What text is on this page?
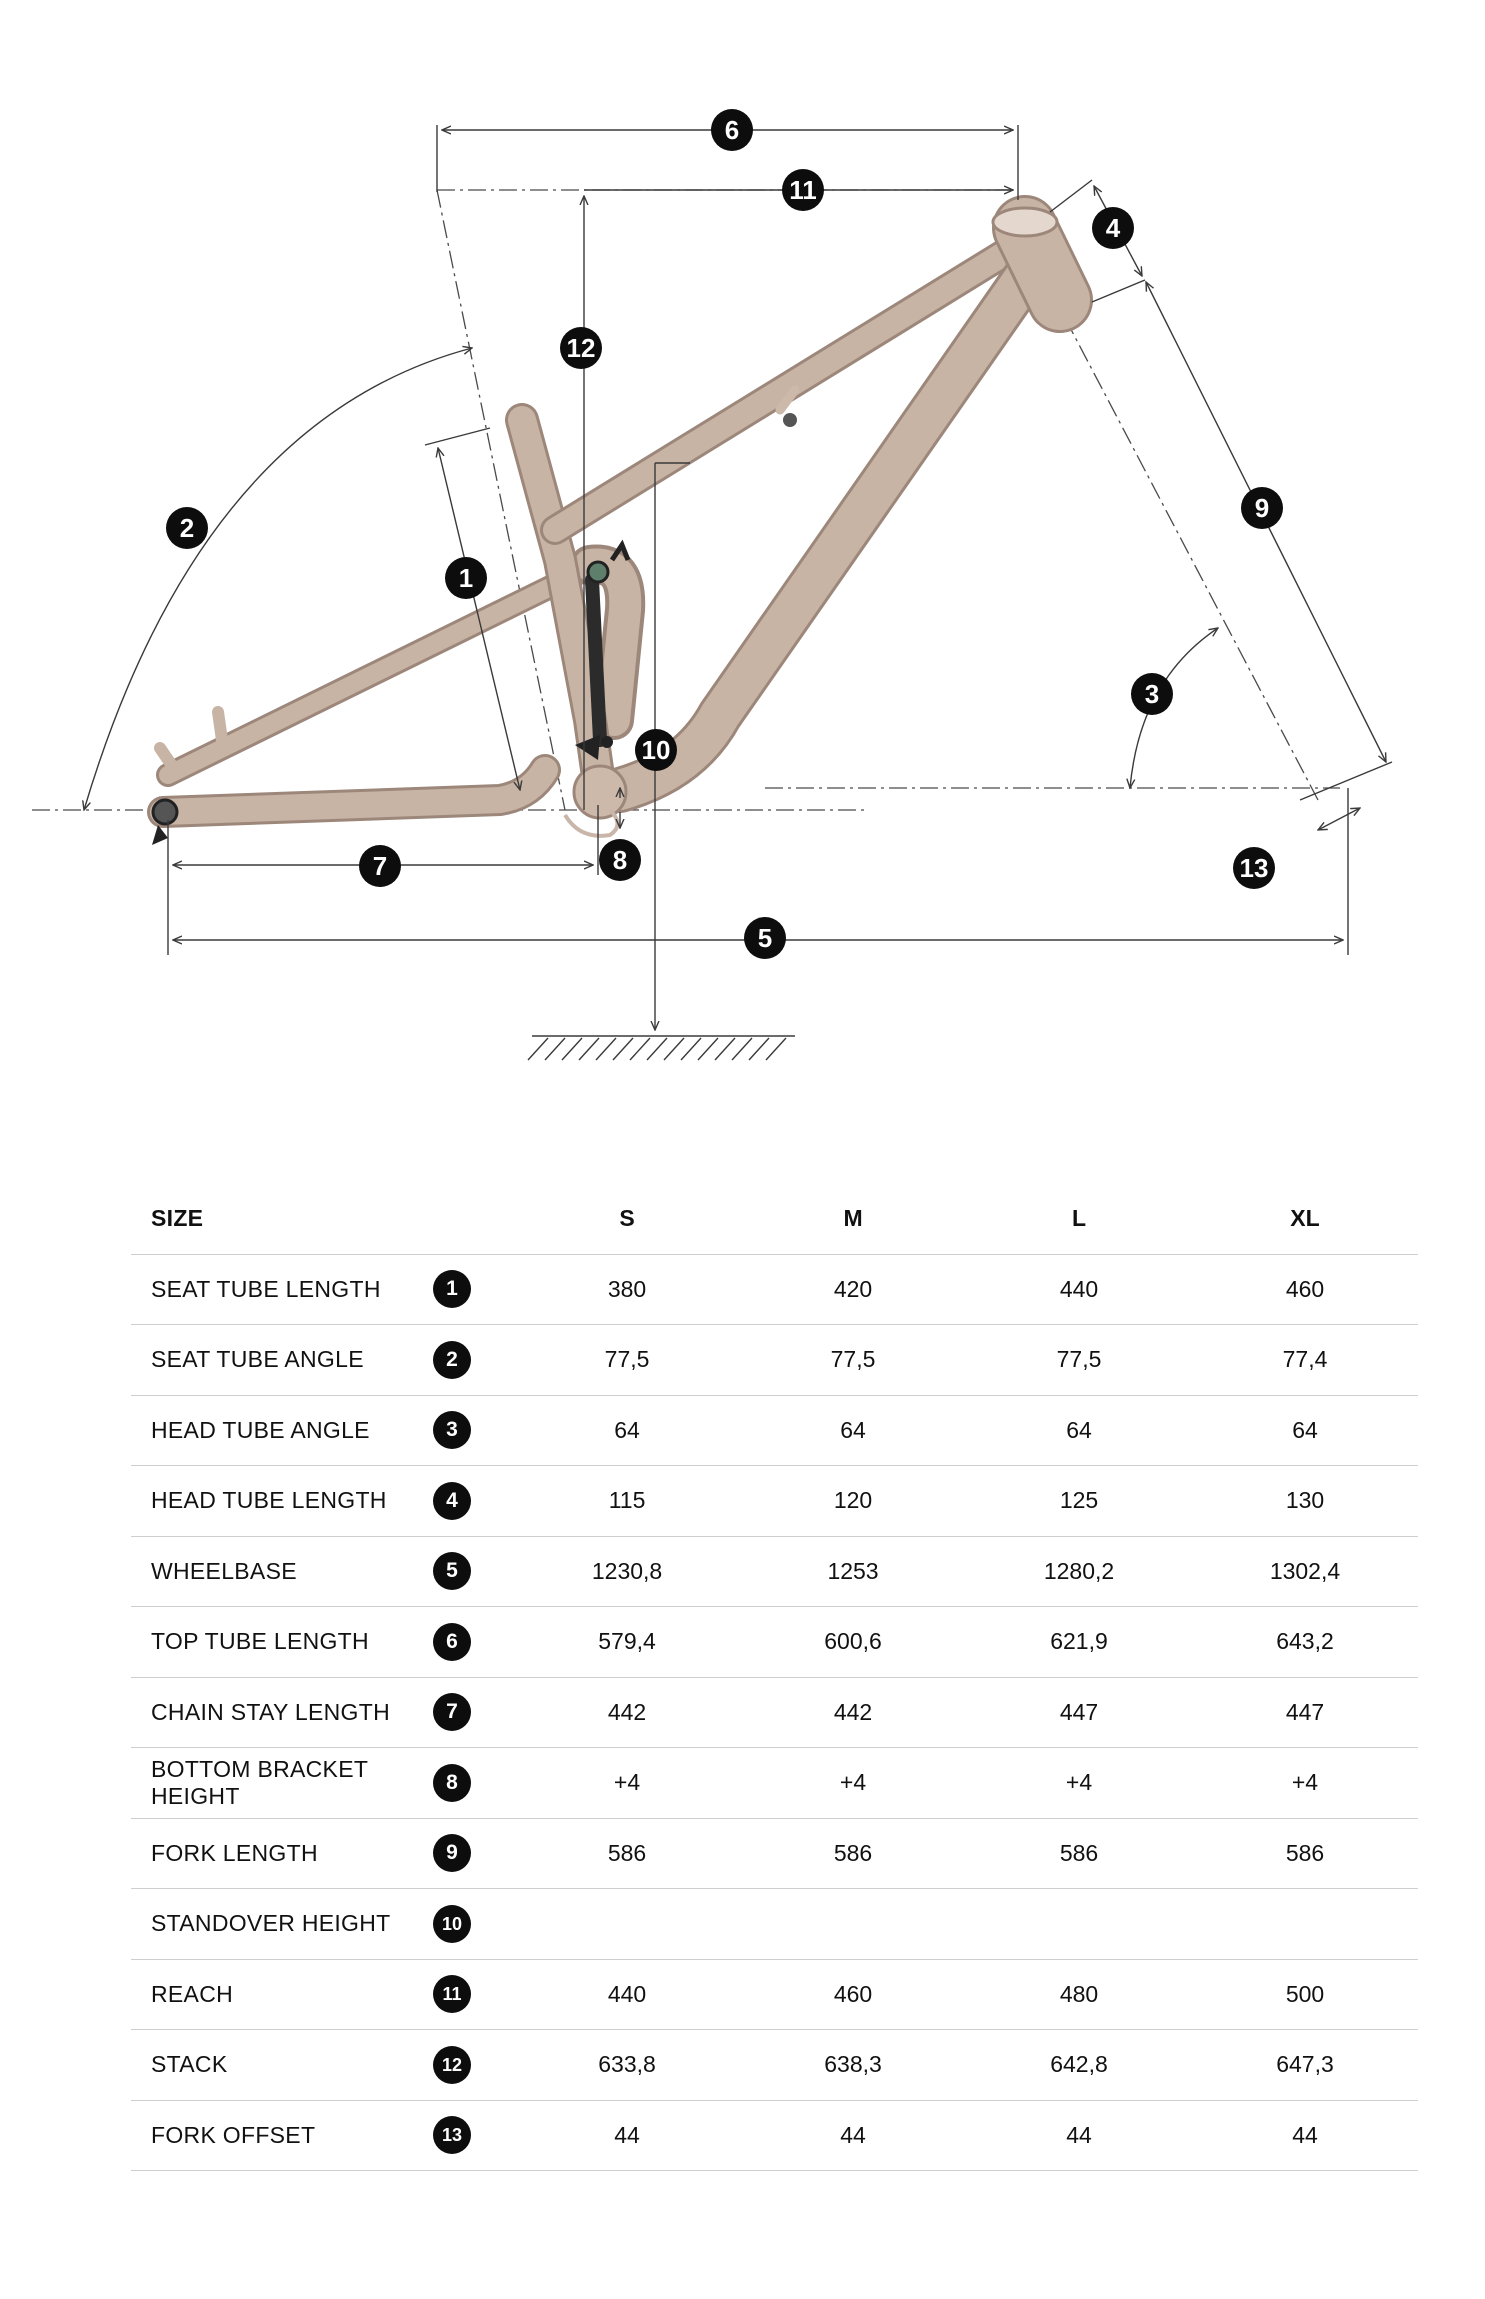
1
2
3
4
5
6
7	8
9
10
11
12
13
SIZE		S	M	L	XL
SEAT TUBE LENGTH	1	380	420	440	460
SEAT TUBE ANGLE	2	77,5	77,5	77,5	77,4
HEAD TUBE ANGLE	3	64	64	64	64
HEAD TUBE LENGTH	4	115	120	125	130
WHEELBASE	5	1230,8	1253	1280,2	1302,4
TOP TUBE LENGTH	6	579,4	600,6	621,9	643,2
CHAIN STAY LENGTH	7	442	442	447	447
BOTTOM BRACKET HEIGHT	8	+4	+4	+4	+4
FORK LENGTH	9	586	586	586	586
STANDOVER HEIGHT	10				
REACH	11	440	460	480	500
STACK	12	633,8	638,3	642,8	647,3
FORK OFFSET	13	44	44	44	44
